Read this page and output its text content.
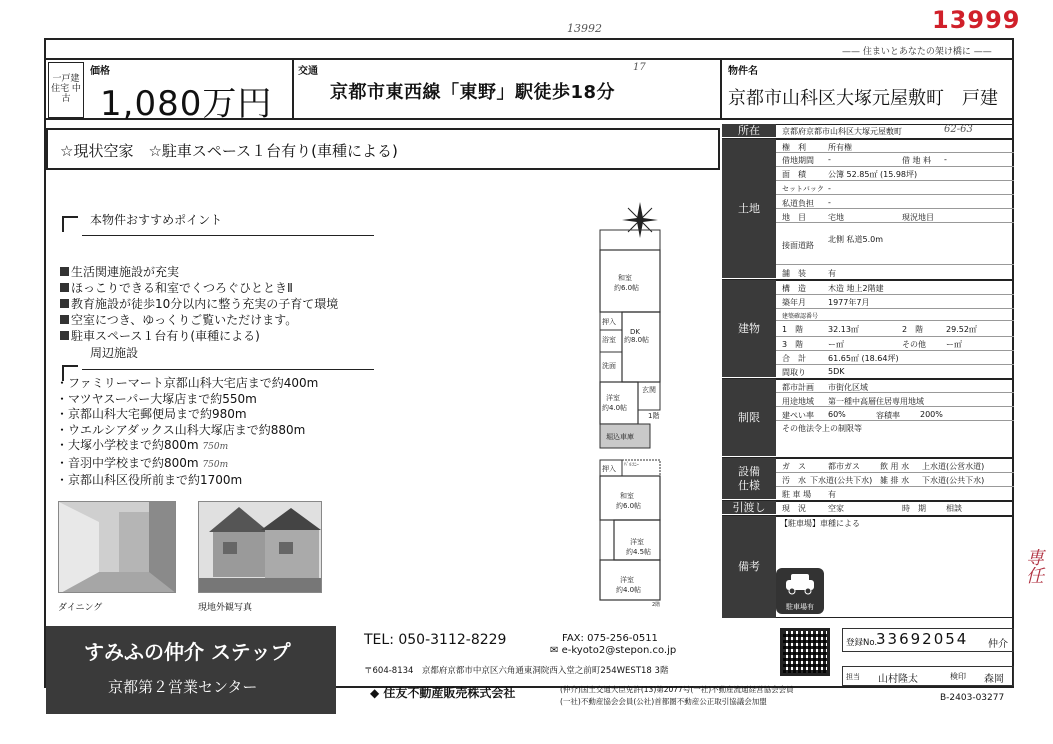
13992	13999
—— 住まいとあなたの架け橋に ——
一戸建住宅 中古
価格
1,080万円
交通
京都市東西線「東野」駅徒歩18分
17	物件名
京都市山科区大塚元屋敷町　戸建
☆現状空家　☆駐車スペース１台有り(車種による)
本物件おすすめポイント
生活関連施設が充実
ほっこりできる和室でくつろぐひとときⅡ
教育施設が徒歩10分以内に整う充実の子育て環境
空室につき、ゆっくりご覧いただけます。
駐車スペース１台有り(車種による)
周辺施設
・ファミリーマート京都山科大宅店まで約400m
・マツヤスーパー大塚店まで約550m
・京都山科大宅郵便局まで約980m
・ウエルシアダックス山科大塚店まで約880m
・大塚小学校まで約800m 750m
・音羽中学校まで約800m 750m
・京都山科区役所前まで約1700m
ダイニング	現地外観写真
和室
約6.0帖
押入
DK
約8.0帖
浴室
洗面
洋室
約4.0帖
玄関
1階
堀込車庫
押入 ﾊﾞﾙｺﾆｰ
和室
約6.0帖
洋室
約4.5帖
洋室
約4.0帖
2階
所在	京都府京都市山科区大塚元屋敷町	62-63
土地
権　利	所有権
借地期間 -	借 地 料 -
面　積	公簿 52.85㎡ (15.98坪)
セットバック -
私道負担 -
地　目	宅地	現況地目
接面道路
北側 私道5.0m
舗　装	有
建物
構　造	木造 地上2階建
築年月	1977年7月
建築確認番号
1　階	32.13㎡	2　階	29.52㎡
3　階	ー㎡	その他	ー㎡
合　計	61.65㎡ (18.64坪)
間取り	5DK
制限
都市計画 市街化区域
用途地域 第一種中高層住居専用地域
建ぺい率 60%	容積率	200%
その他法令上の制限等
設備
仕様
ガ　ス	都市ガス	飲 用 水 上水道(公営水道)
汚　水 下水道(公共下水) 雑 排 水 下水道(公共下水)
駐 車 場 有
引渡し	現　況	空家	時　期	相談
備考
【駐車場】車種による
駐車場有
専任
すみふの仲介 ステップ
京都第２営業センター
TEL: 050-3112-8229	FAX: 075-256-0511
✉ e-kyoto2@stepon.co.jp
〒604-8134　京都府京都市中京区六角通東洞院西入堂之前町254WEST18 3階
◆ 住友不動産販売株式会社	(仲介)国土交通大臣免許(13)第2077号(一社)不動産流通経営協会会員
(一社)不動産協会会員(公社)首都圏不動産公正取引協議会加盟
登録No.
33692054 仲介
担当 山村隆太	検印 森岡
B-2403-03277
